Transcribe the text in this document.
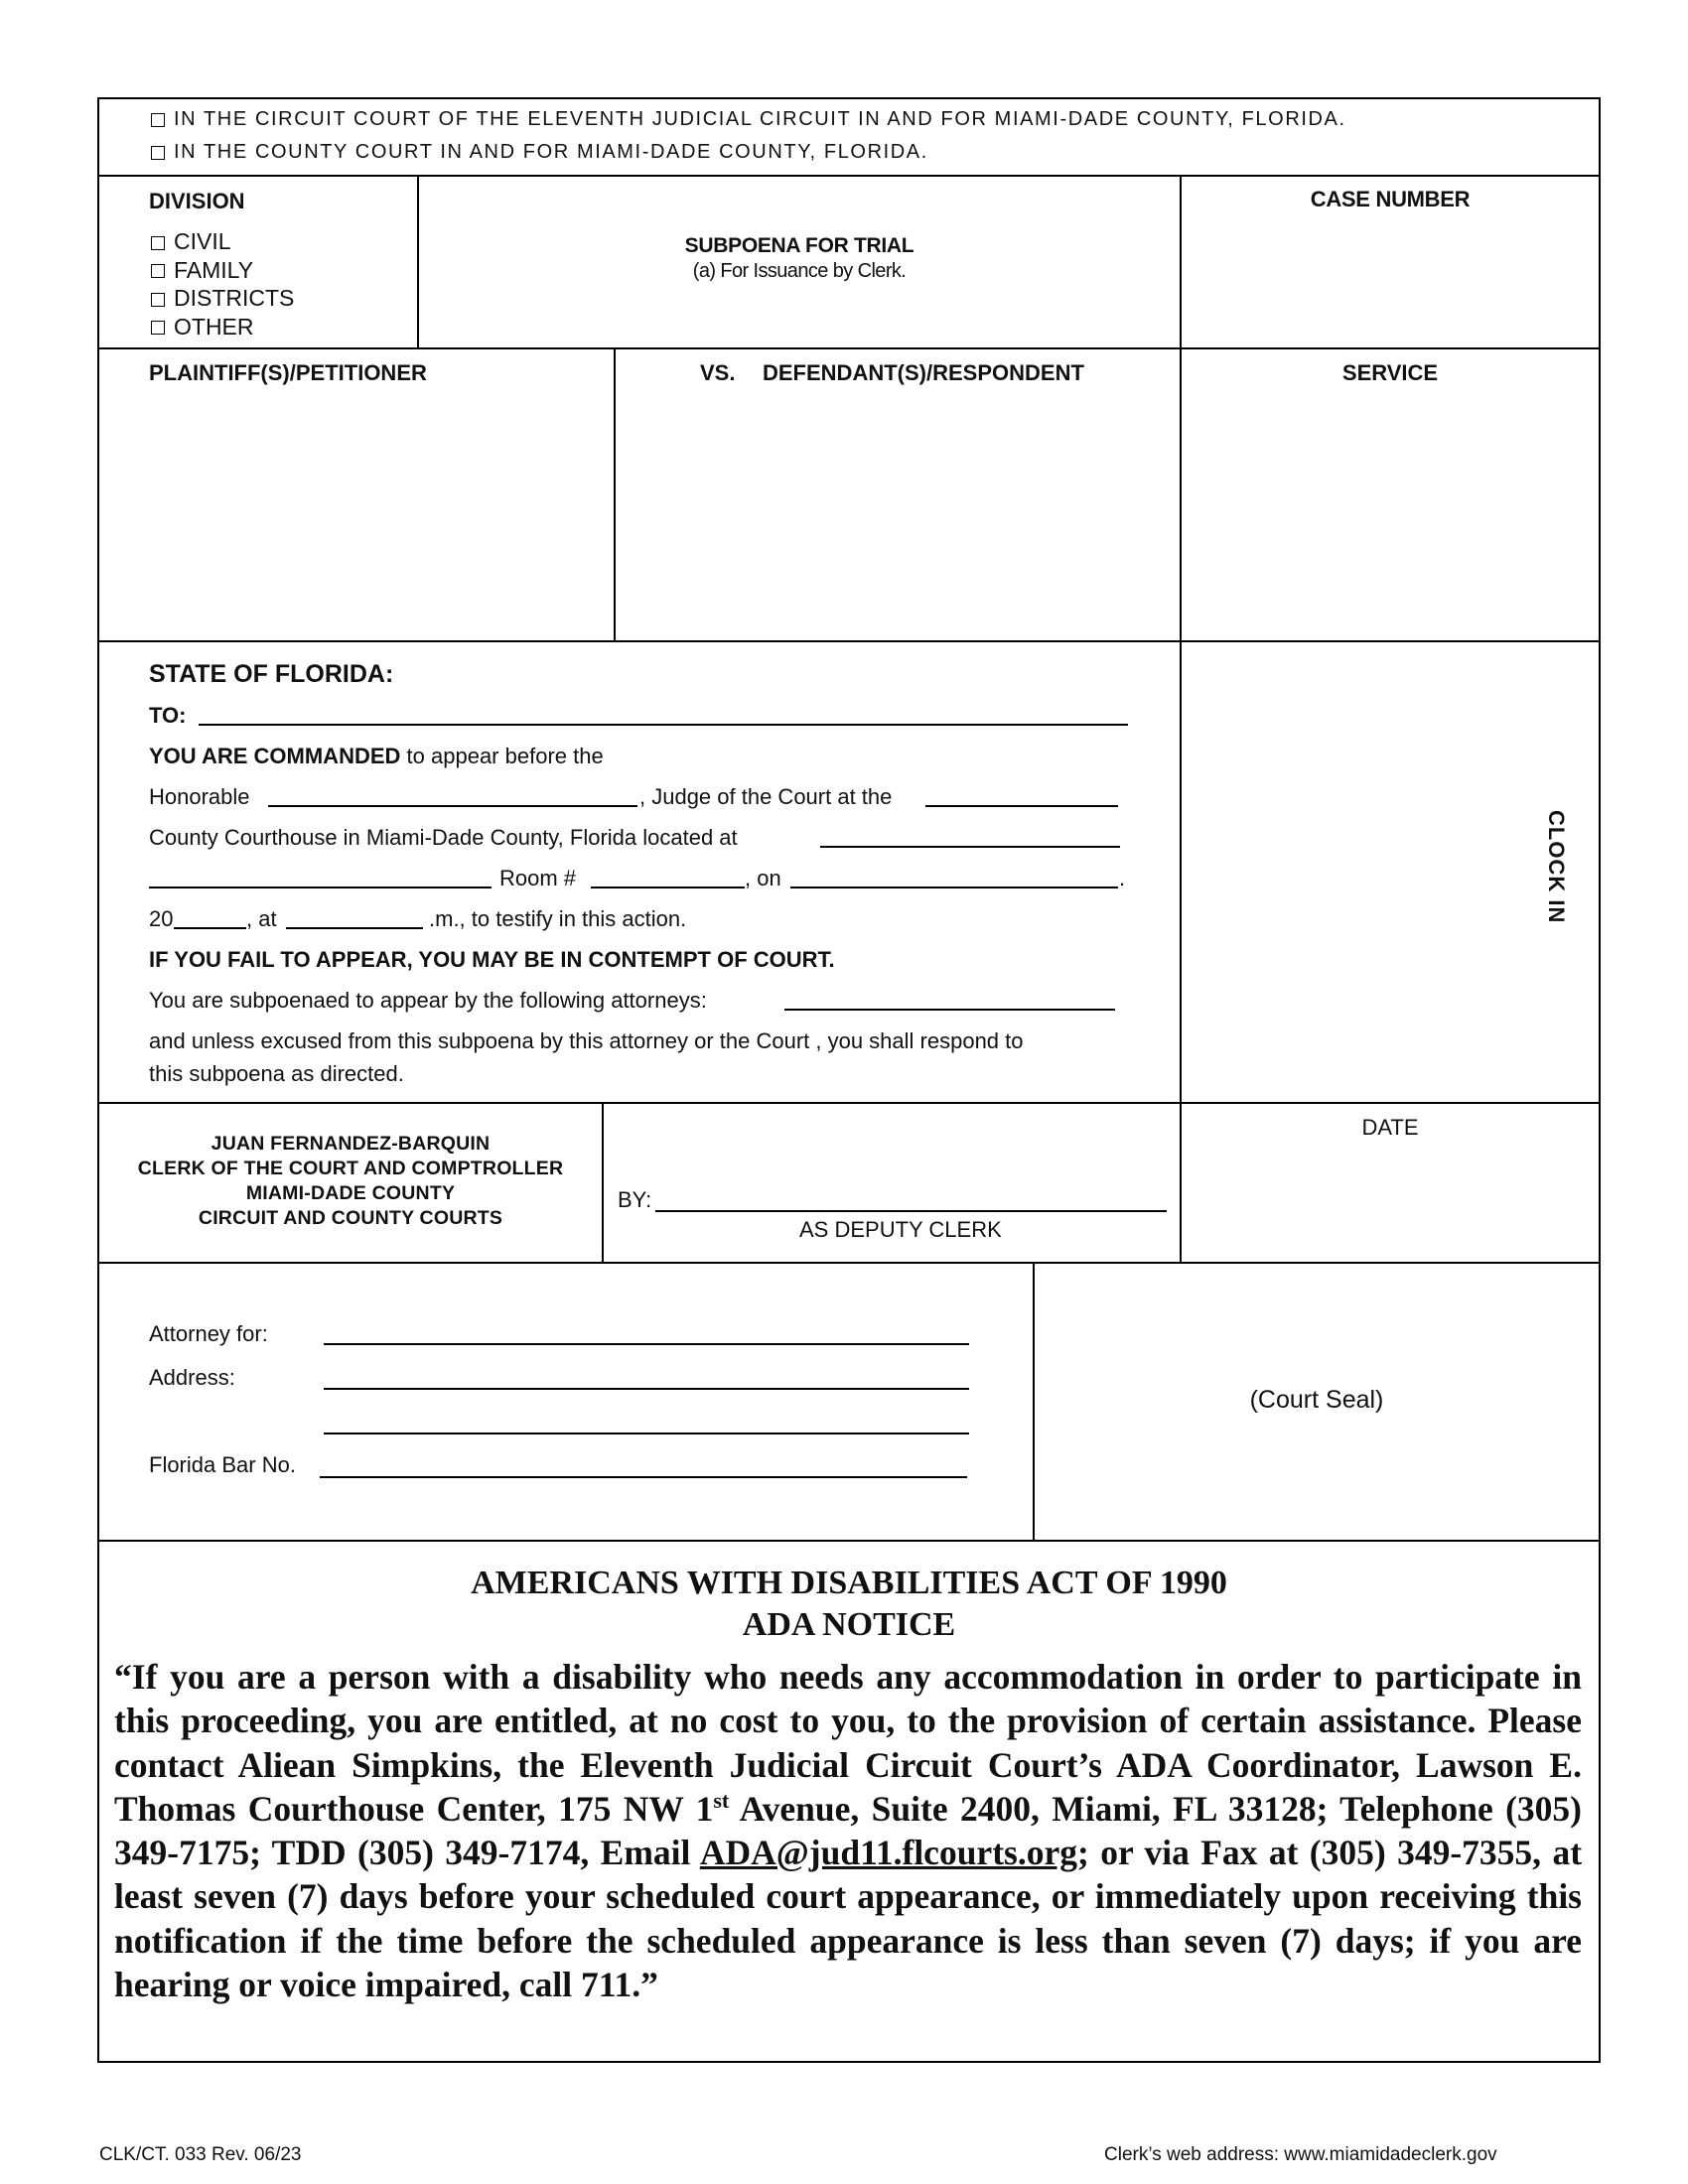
IN THE CIRCUIT COURT OF THE ELEVENTH JUDICIAL CIRCUIT IN AND FOR MIAMI-DADE COUNTY, FLORIDA.
IN THE COUNTY COURT IN AND FOR MIAMI-DADE COUNTY, FLORIDA.
DIVISION
CIVIL
FAMILY
DISTRICTS
OTHER
SUBPOENA FOR TRIAL
(a) For Issuance by Clerk.
CASE NUMBER
PLAINTIFF(S)/PETITIONER	VS. DEFENDANT(S)/RESPONDENT	SERVICE
STATE OF FLORIDA:
TO:
YOU ARE COMMANDED to appear before the
Honorable	, Judge of the Court at the
County Courthouse in Miami-Dade County, Florida located at
Room #	, on	.
20	, at	.m., to testify in this action.
IF YOU FAIL TO APPEAR, YOU MAY BE IN CONTEMPT OF COURT.
You are subpoenaed to appear by the following attorneys:
and unless excused from this subpoena by this attorney or the Court , you shall respond to
this subpoena as directed.
CLOCK IN
JUAN FERNANDEZ-BARQUIN
CLERK OF THE COURT AND COMPTROLLER
MIAMI-DADE COUNTY
CIRCUIT AND COUNTY COURTS
BY:
AS DEPUTY CLERK
DATE
Attorney for:
Address:
Florida Bar No.
(Court Seal)
AMERICANS WITH DISABILITIES ACT OF 1990
ADA NOTICE
“If you are a person with a disability who needs any accommodation in order to participate in this proceeding, you are entitled, at no cost to you, to the provision of certain assistance. Please contact Aliean Simpkins, the Eleventh Judicial Circuit Court’s ADA Coordinator, Lawson E. Thomas Courthouse Center, 175 NW 1st Avenue, Suite 2400, Miami, FL 33128; Telephone (305) 349-7175; TDD (305) 349-7174, Email ADA@jud11.flcourts.org; or via Fax at (305) 349-7355, at least seven (7) days before your scheduled court appearance, or immediately upon receiving this notification if the time before the scheduled appearance is less than seven (7) days; if you are hearing or voice impaired, call 711.”
CLK/CT. 033 Rev. 06/23	Clerk’s web address: www.miamidadeclerk.gov
